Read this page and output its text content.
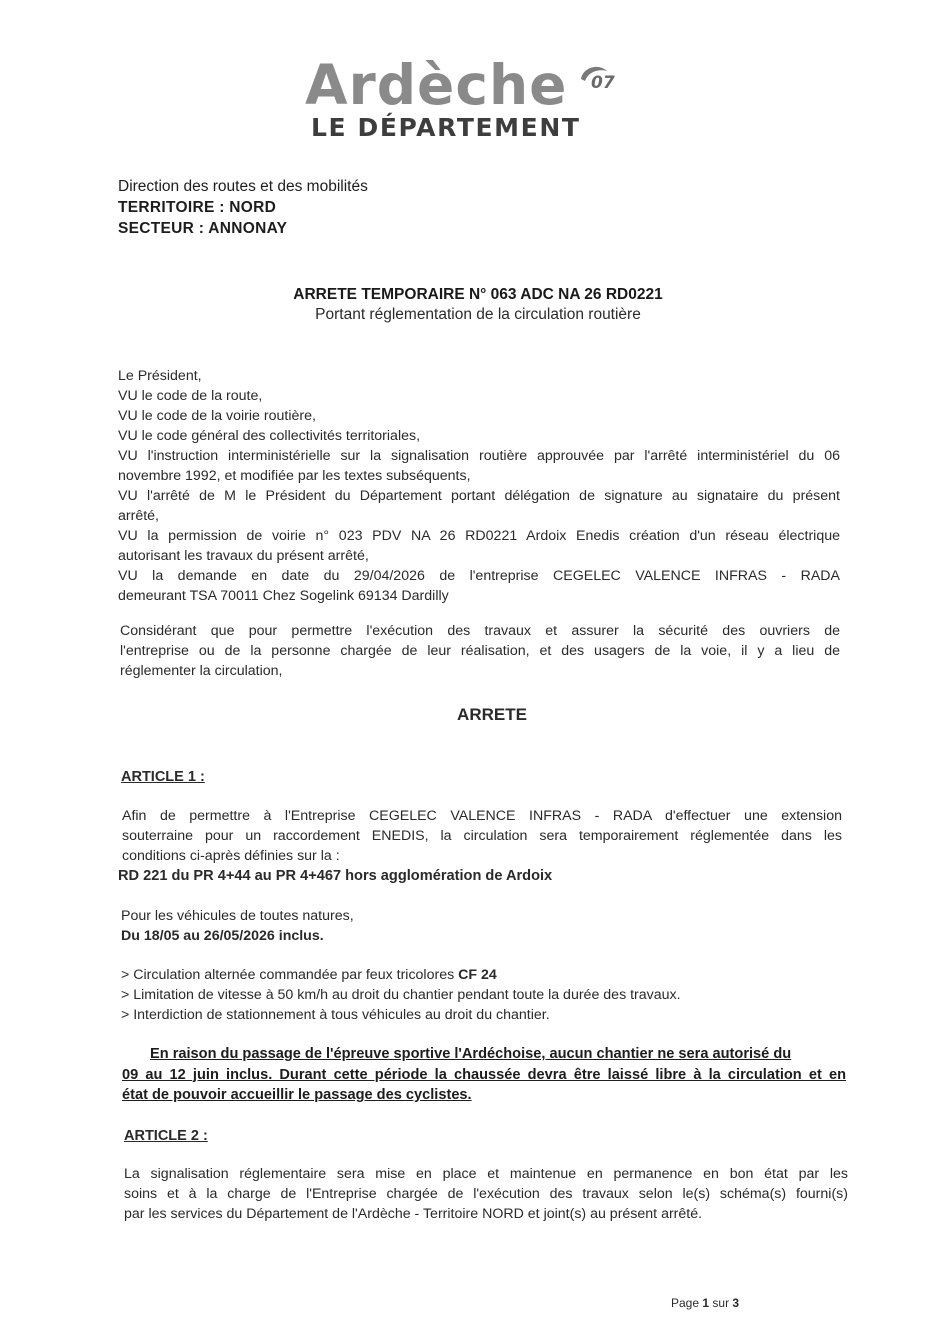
Ardèche 07
LE DÉPARTEMENT
Direction des routes et des mobilités
TERRITOIRE : NORD
SECTEUR : ANNONAY
ARRETE TEMPORAIRE N° 063 ADC NA 26 RD0221
Portant réglementation de la circulation routière
Le Président,
VU le code de la route,
VU le code de la voirie routière,
VU le code général des collectivités territoriales,
VU l'instruction interministérielle sur la signalisation routière approuvée par l'arrêté interministériel du 06
novembre 1992, et modifiée par les textes subséquents,
VU l'arrêté de M le Président du Département portant délégation de signature au signataire du présent
arrêté,
VU la permission de voirie n° 023 PDV NA 26 RD0221 Ardoix Enedis création d'un réseau électrique
autorisant les travaux du présent arrêté,
VU la demande en date du 29/04/2026 de l'entreprise CEGELEC VALENCE INFRAS - RADA
demeurant TSA 70011 Chez Sogelink 69134 Dardilly
Considérant que pour permettre l'exécution des travaux et assurer la sécurité des ouvriers de
l'entreprise ou de la personne chargée de leur réalisation, et des usagers de la voie, il y a lieu de
réglementer la circulation,
ARRETE
ARTICLE 1 :
Afin de permettre à l'Entreprise CEGELEC VALENCE INFRAS - RADA d'effectuer une extension
souterraine pour un raccordement ENEDIS, la circulation sera temporairement réglementée dans les
conditions ci-après définies sur la :
RD 221 du PR 4+44 au PR 4+467 hors agglomération de Ardoix
Pour les véhicules de toutes natures,
Du 18/05 au 26/05/2026 inclus.
> Circulation alternée commandée par feux tricolores CF 24
> Limitation de vitesse à 50 km/h au droit du chantier pendant toute la durée des travaux.
> Interdiction de stationnement à tous véhicules au droit du chantier.
En raison du passage de l'épreuve sportive l'Ardéchoise, aucun chantier ne sera autorisé du
09 au 12 juin inclus. Durant cette période la chaussée devra être laissé libre à la circulation et en
état de pouvoir accueillir le passage des cyclistes.
ARTICLE 2 :
La signalisation réglementaire sera mise en place et maintenue en permanence en bon état par les
soins et à la charge de l'Entreprise chargée de l'exécution des travaux selon le(s) schéma(s) fourni(s)
par les services du Département de l'Ardèche - Territoire NORD et joint(s) au présent arrêté.
Page 1 sur 3
